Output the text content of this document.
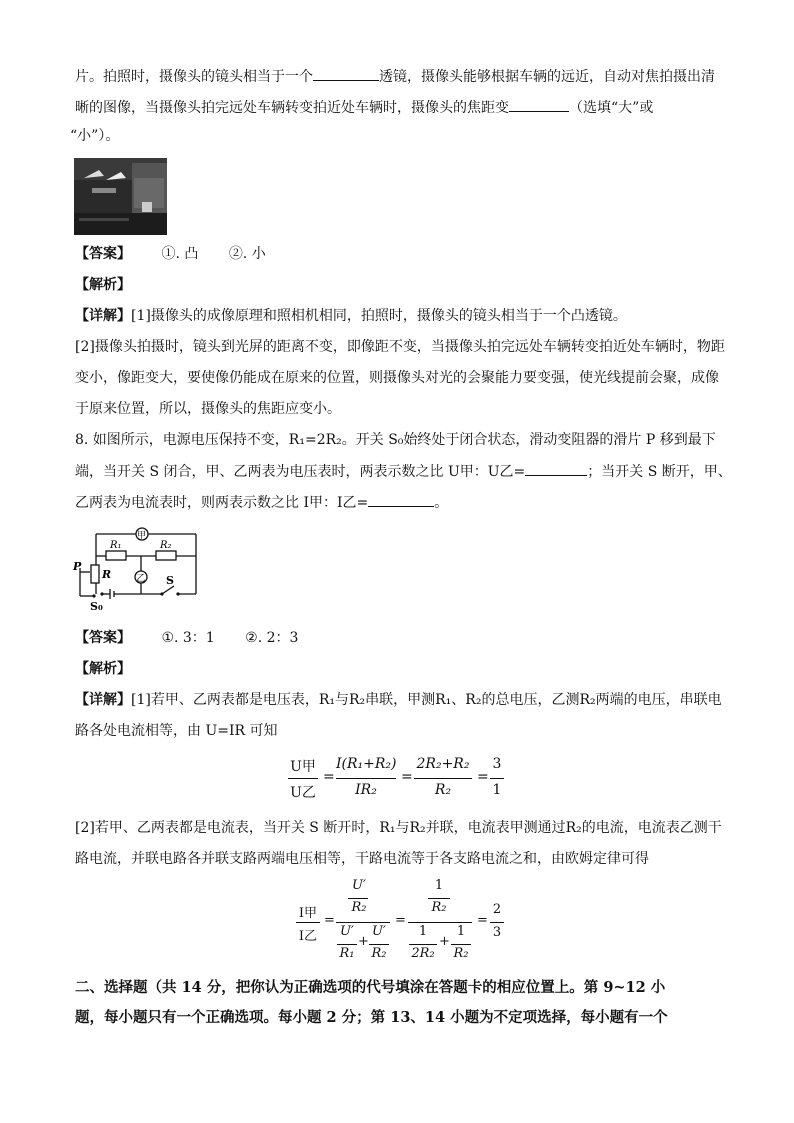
片。拍照时，摄像头的镜头相当于一个	透镜，摄像头能够根据车辆的远近，自动对焦拍摄出清
晰的图像，当摄像头拍完远处车辆转变拍近处车辆时，摄像头的焦距变	（选填“大”或
“小”）。
【答案】 ①. 凸 ②. 小
【解析】
【详解】[1]摄像头的成像原理和照相机相同，拍照时，摄像头的镜头相当于一个凸透镜。
[2]摄像头拍摄时，镜头到光屏的距离不变，即像距不变，当摄像头拍完远处车辆转变拍近处车辆时，物距
变小，像距变大，要使像仍能成在原来的位置，则摄像头对光的会聚能力要变强，使光线提前会聚，成像
于原来位置，所以，摄像头的焦距应变小。
8. 如图所示，电源电压保持不变，R₁=2R₂。开关 S₀始终处于闭合状态，滑动变阻器的滑片 P 移到最下
端，当开关 S 闭合，甲、乙两表为电压表时，两表示数之比 U甲：U乙=	；当开关 S 断开，甲、
乙两表为电流表时，则两表示数之比 I甲：I乙=	。
甲
乙
R₁	R₂
R
P
S
S₀
【答案】 ①. 3：1 ②. 2：3
【解析】
【详解】[1]若甲、乙两表都是电压表，R₁与R₂串联，甲测R₁、R₂的总电压，乙测R₂两端的电压，串联电
路各处电流相等，由 U=IR 可知
U甲
U乙
=
I(R₁+R₂)
IR₂
=
2R₂+R₂
R₂
=
3
1
[2]若甲、乙两表都是电流表，当开关 S 断开时，R₁与R₂并联，电流表甲测通过R₂的电流，电流表乙测干
路电流，并联电路各并联支路两端电压相等，干路电流等于各支路电流之和，由欧姆定律可得
I甲
I乙
=
U′
R₂
U′
R₁
+
U′
R₂
=
1
R₂
1
2R₂
+
1
R₂
=
2
3
二、选择题（共 14 分，把你认为正确选项的代号填涂在答题卡的相应位置上。第 9~12 小
题，每小题只有一个正确选项。每小题 2 分；第 13、14 小题为不定项选择，每小题有一个
